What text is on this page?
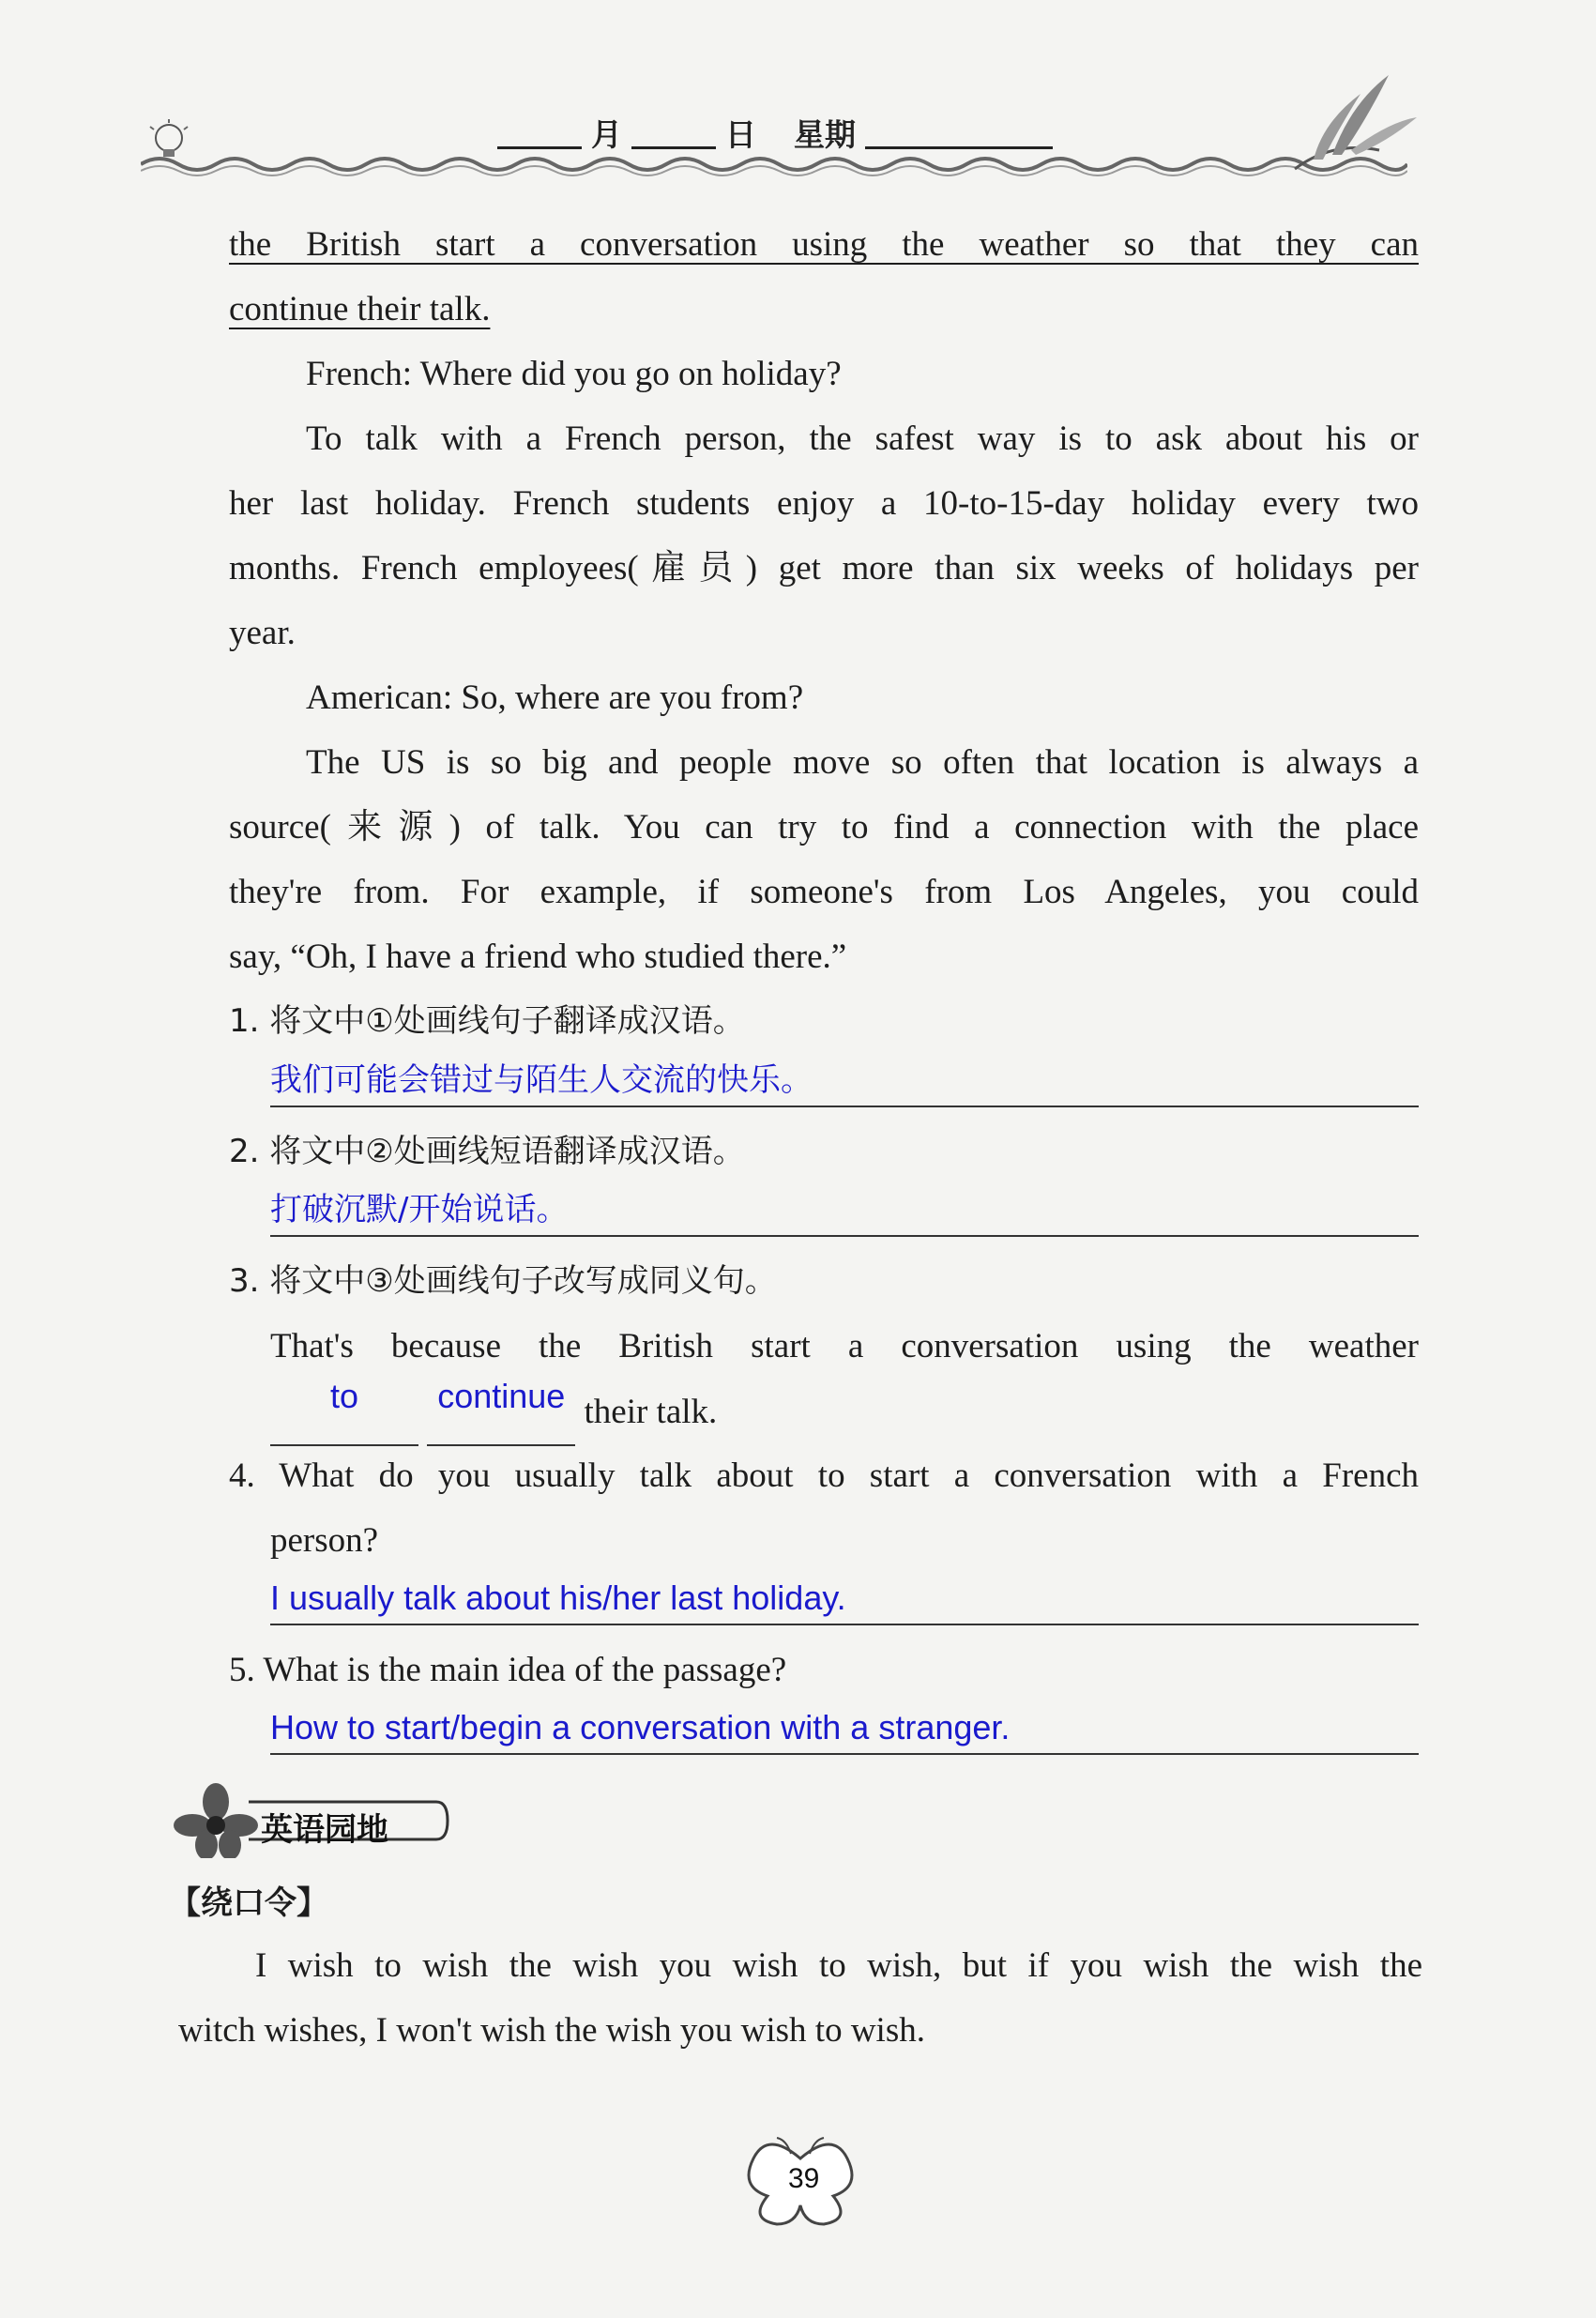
月	日 星期

the British start a conversation using the weather so that they can
continue their talk.

French: Where did you go on holiday?

To talk with a French person, the safest way is to ask about his or
her last holiday. French students enjoy a 10-to-15-day holiday every two
months. French employees(雇员) get more than six weeks of holidays per
year.

American: So, where are you from?

The US is so big and people move so often that location is always a
source(来源) of talk. You can try to find a connection with the place
they're from. For example, if someone's from Los Angeles, you could
say, “Oh, I have a friend who studied there.”

1. 将文中①处画线句子翻译成汉语。

我们可能会错过与陌生人交流的快乐。

2. 将文中②处画线短语翻译成汉语。

打破沉默/开始说话。

3. 将文中③处画线句子改写成同义句。

That's because the British start a conversation using the weather

to continue their talk.

4. What do you usually talk about to start a conversation with a French

person?

I usually talk about his/her last holiday.

5. What is the main idea of the passage?

How to start/begin a conversation with a stranger.
英语园地
【绕口令】

I wish to wish the wish you wish to wish, but if you wish the wish the

witch wishes, I won't wish the wish you wish to wish.

39
